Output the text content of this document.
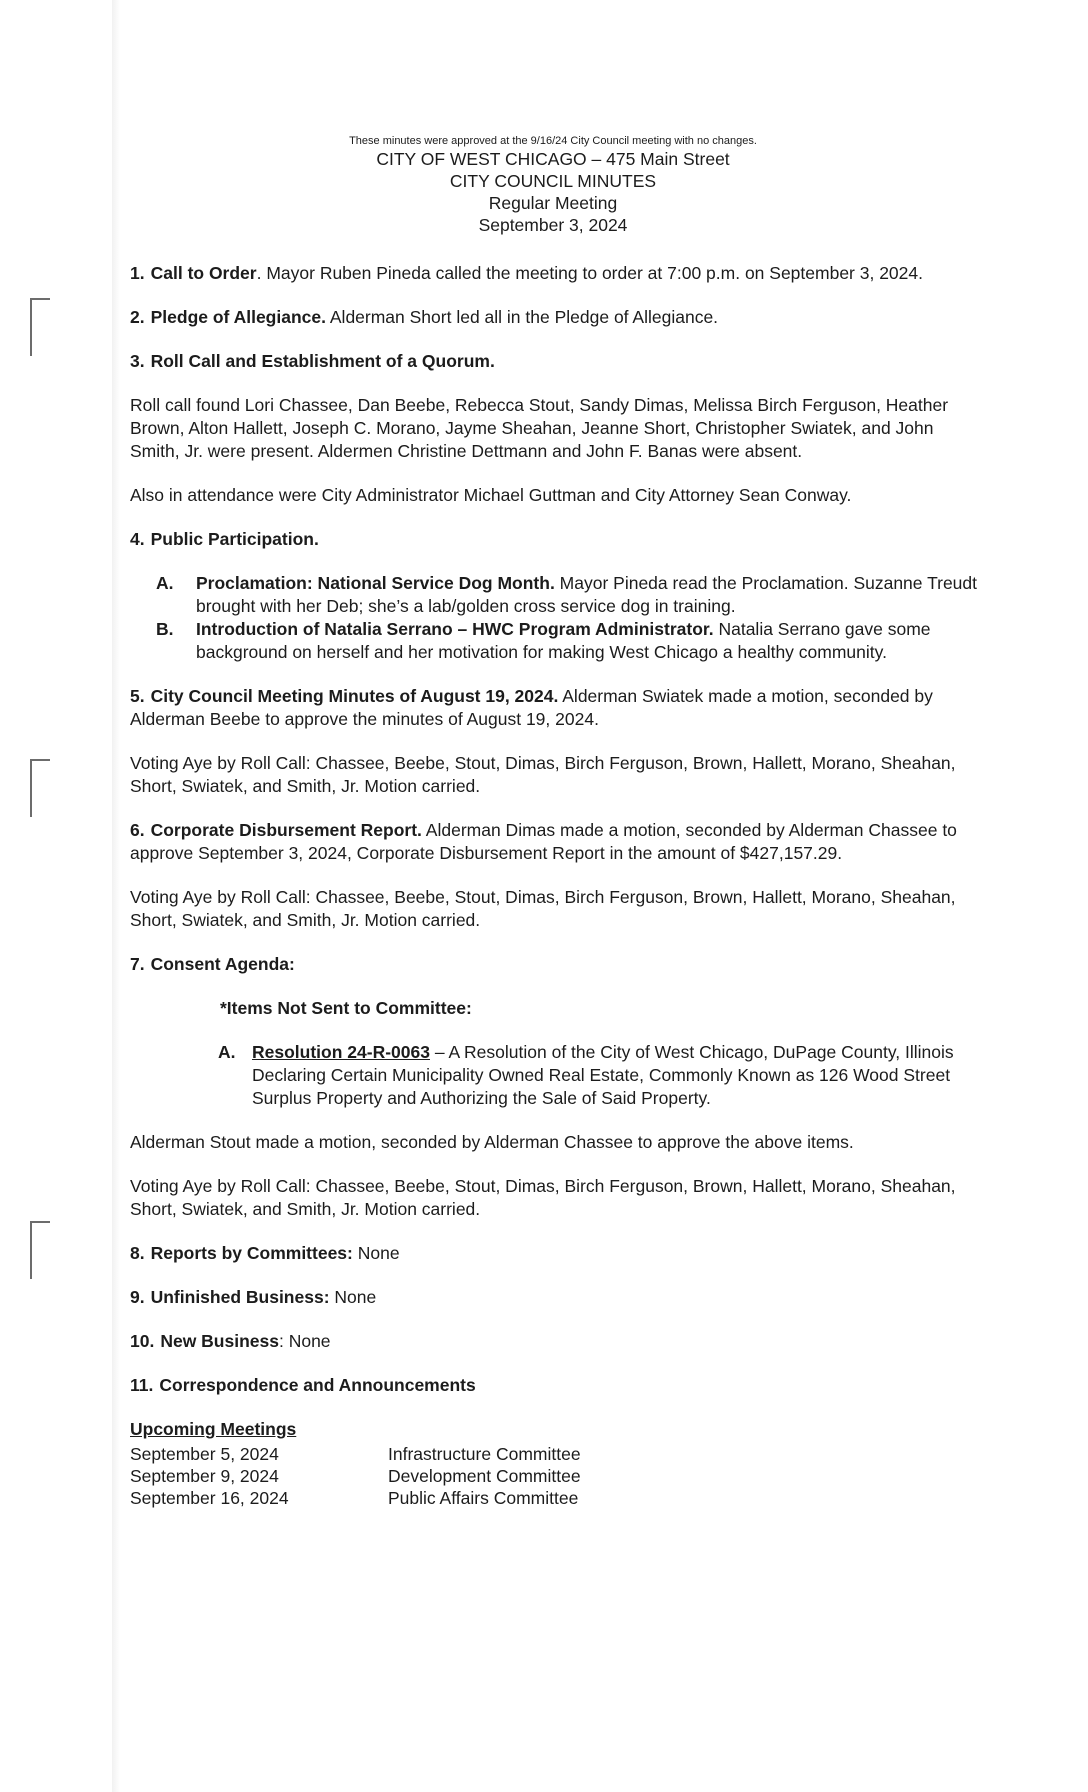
These minutes were approved at the 9/16/24 City Council meeting with no changes.
CITY OF WEST CHICAGO – 475 Main Street
CITY COUNCIL MINUTES
Regular Meeting
September 3, 2024

1. Call to Order. Mayor Ruben Pineda called the meeting to order at 7:00 p.m. on September 3, 2024.

2. Pledge of Allegiance. Alderman Short led all in the Pledge of Allegiance.

3. Roll Call and Establishment of a Quorum.

Roll call found Lori Chassee, Dan Beebe, Rebecca Stout, Sandy Dimas, Melissa Birch Ferguson, Heather Brown, Alton Hallett, Joseph C. Morano, Jayme Sheahan, Jeanne Short, Christopher Swiatek, and John Smith, Jr. were present. Aldermen Christine Dettmann and John F. Banas were absent.

Also in attendance were City Administrator Michael Guttman and City Attorney Sean Conway.

4. Public Participation.

A. Proclamation: National Service Dog Month. Mayor Pineda read the Proclamation. Suzanne Treudt brought with her Deb; she’s a lab/golden cross service dog in training.

B. Introduction of Natalia Serrano – HWC Program Administrator. Natalia Serrano gave some background on herself and her motivation for making West Chicago a healthy community.

5. City Council Meeting Minutes of August 19, 2024. Alderman Swiatek made a motion, seconded by Alderman Beebe to approve the minutes of August 19, 2024.

Voting Aye by Roll Call: Chassee, Beebe, Stout, Dimas, Birch Ferguson, Brown, Hallett, Morano, Sheahan, Short, Swiatek, and Smith, Jr. Motion carried.

6. Corporate Disbursement Report. Alderman Dimas made a motion, seconded by Alderman Chassee to approve September 3, 2024, Corporate Disbursement Report in the amount of $427,157.29.

Voting Aye by Roll Call: Chassee, Beebe, Stout, Dimas, Birch Ferguson, Brown, Hallett, Morano, Sheahan, Short, Swiatek, and Smith, Jr. Motion carried.

7. Consent Agenda:

*Items Not Sent to Committee:

A. Resolution 24-R-0063 – A Resolution of the City of West Chicago, DuPage County, Illinois Declaring Certain Municipality Owned Real Estate, Commonly Known as 126 Wood Street Surplus Property and Authorizing the Sale of Said Property.

Alderman Stout made a motion, seconded by Alderman Chassee to approve the above items.

Voting Aye by Roll Call: Chassee, Beebe, Stout, Dimas, Birch Ferguson, Brown, Hallett, Morano, Sheahan, Short, Swiatek, and Smith, Jr. Motion carried.

8. Reports by Committees: None

9. Unfinished Business: None

10. New Business: None

11. Correspondence and Announcements

Upcoming Meetings

September 5, 2024	Infrastructure Committee
September 9, 2024	Development Committee
September 16, 2024	Public Affairs Committee
